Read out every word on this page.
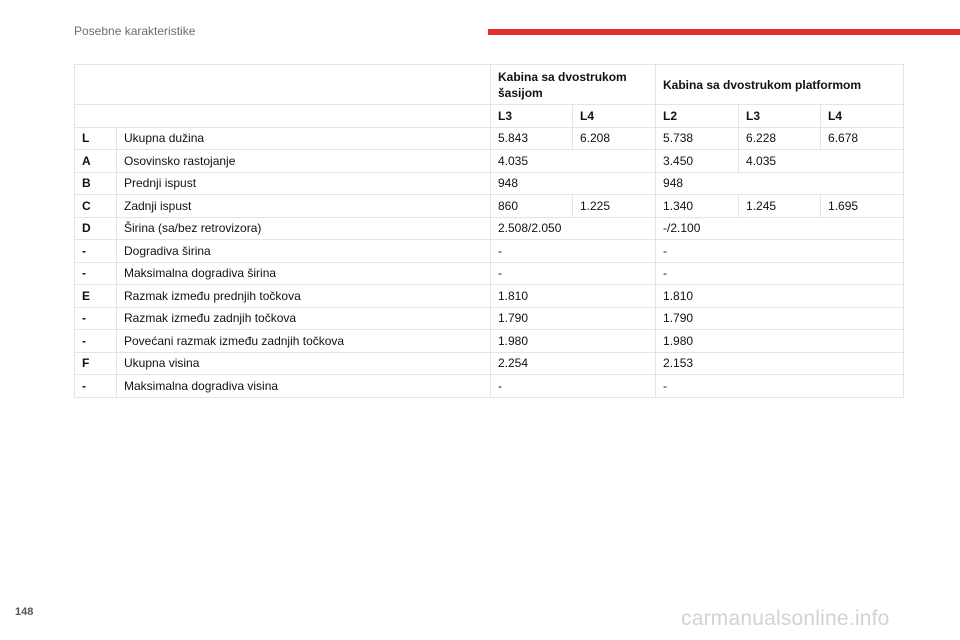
Posebne karakteristike
		Kabina sa dvostrukom šasijom		Kabina sa dvostrukom platformom		
		L3	L4	L2	L3	L4
L	Ukupna dužina	5.843	6.208	5.738	6.228	6.678
A	Osovinsko rastojanje	4.035		3.450	4.035	
B	Prednji ispust	948		948		
C	Zadnji ispust	860	1.225	1.340	1.245	1.695
D	Širina (sa/bez retrovizora)	2.508/2.050		-/2.100		
-	Dogradiva širina	-		-		
-	Maksimalna dogradiva širina	-		-		
E	Razmak između prednjih točkova	1.810		1.810		
-	Razmak između zadnjih točkova	1.790		1.790		
-	Povećani razmak između zadnjih točkova	1.980		1.980		
F	Ukupna visina	2.254		2.153		
-	Maksimalna dogradiva visina	-		-		
148	carmanualsonline.info
